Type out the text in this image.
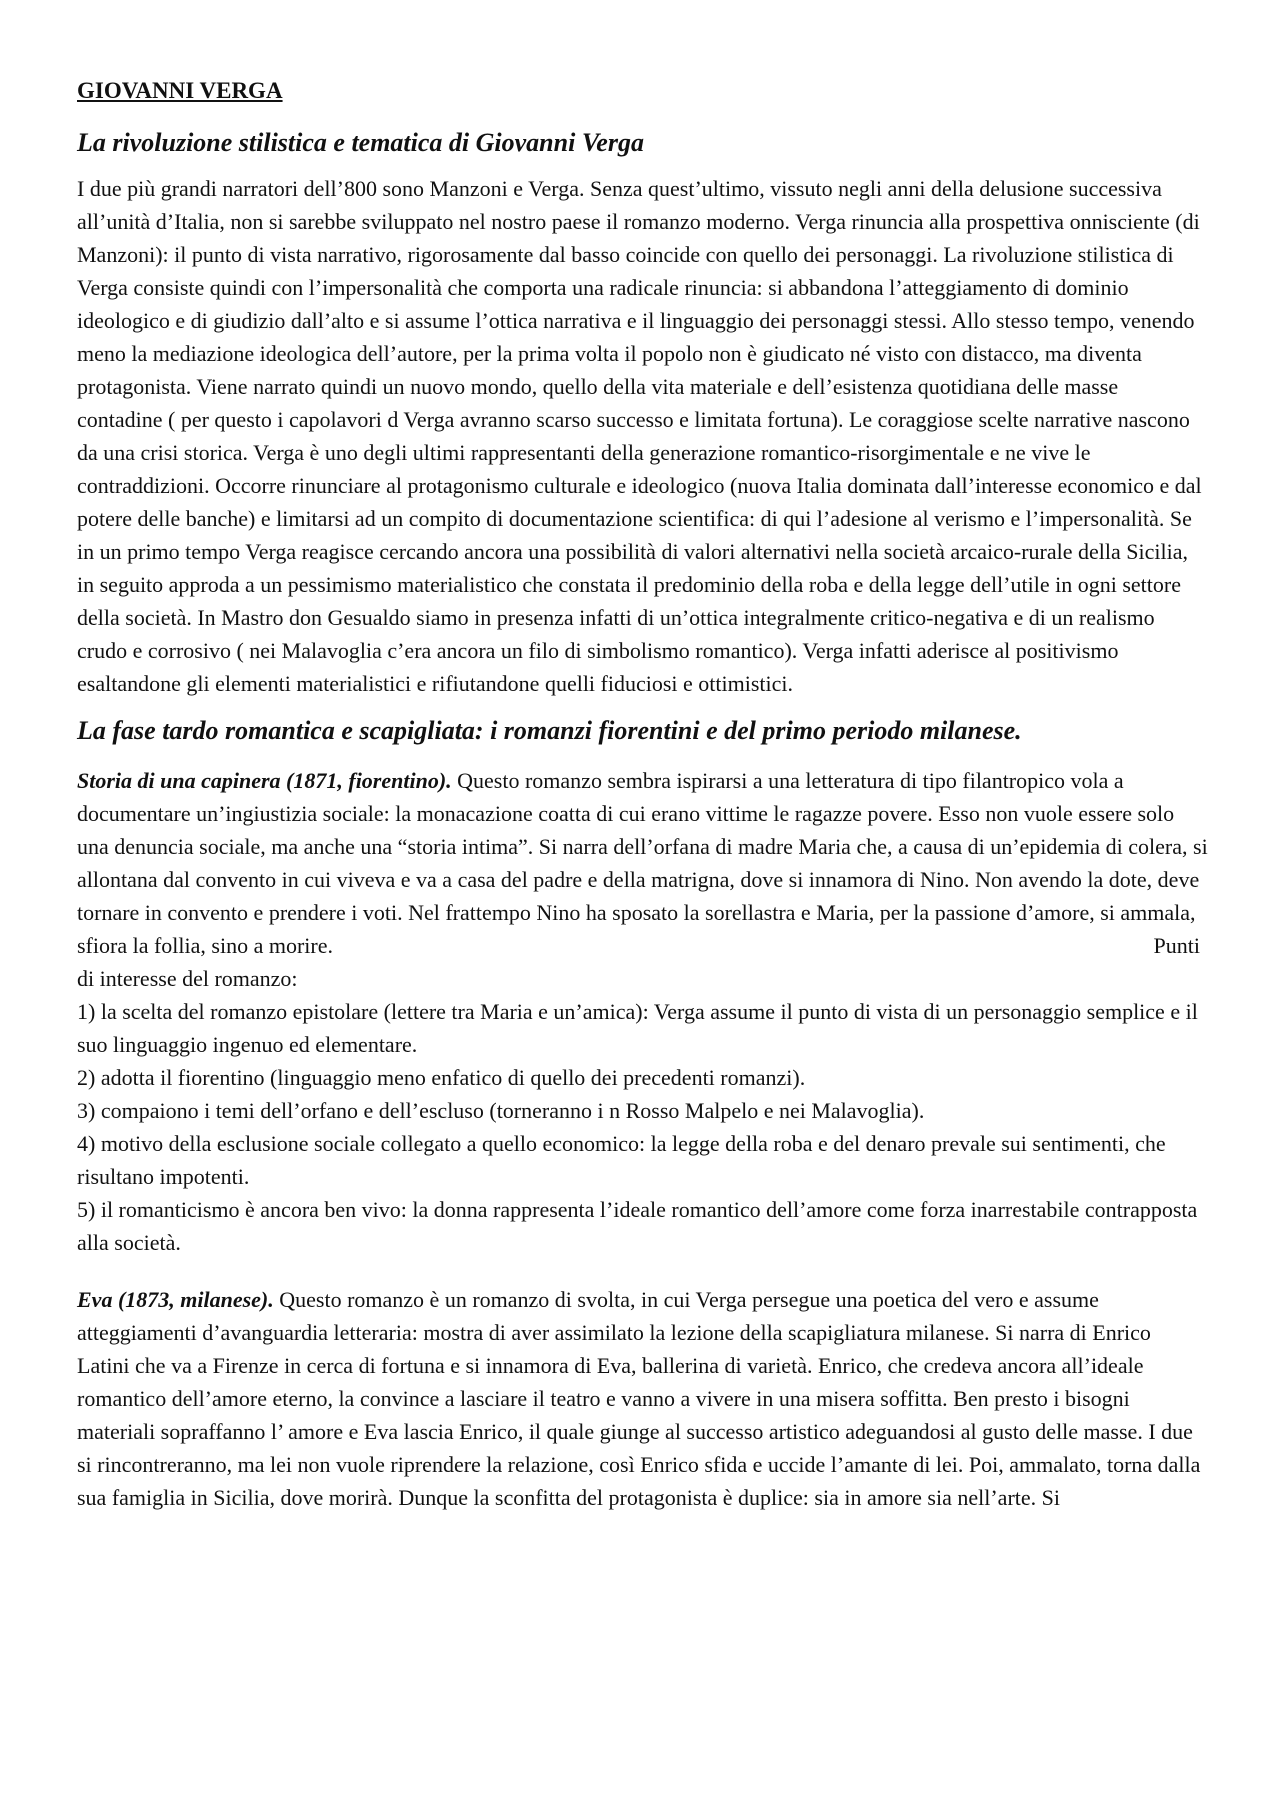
GIOVANNI VERGA
La rivoluzione stilistica e tematica di Giovanni Verga

I due più grandi narratori dell’800 sono Manzoni e Verga. Senza quest’ultimo, vissuto negli anni della delusione successiva all’unità d’Italia, non si sarebbe sviluppato nel nostro paese il romanzo moderno. Verga rinuncia alla prospettiva onnisciente (di Manzoni): il punto di vista narrativo, rigorosamente dal basso coincide con quello dei personaggi. La rivoluzione stilistica di Verga consiste quindi con l’impersonalità che comporta una radicale rinuncia: si abbandona l’atteggiamento di dominio ideologico e di giudizio dall’alto e si assume l’ottica narrativa e il linguaggio dei personaggi stessi. Allo stesso tempo, venendo meno la mediazione ideologica dell’autore, per la prima volta il popolo non è giudicato né visto con distacco, ma diventa protagonista. Viene narrato quindi un nuovo mondo, quello della vita materiale e dell’esistenza quotidiana delle masse contadine ( per questo i capolavori d Verga avranno scarso successo e limitata fortuna). Le coraggiose scelte narrative nascono da una crisi storica. Verga è uno degli ultimi rappresentanti della generazione romantico-risorgimentale e ne vive le contraddizioni. Occorre rinunciare al protagonismo culturale e ideologico (nuova Italia dominata dall’interesse economico e dal potere delle banche) e limitarsi ad un compito di documentazione scientifica: di qui l’adesione al verismo e l’impersonalità. Se in un primo tempo Verga reagisce cercando ancora una possibilità di valori alternativi nella società arcaico-rurale della Sicilia, in seguito approda a un pessimismo materialistico che constata il predominio della roba e della legge dell’utile in ogni settore della società. In Mastro don Gesualdo siamo in presenza infatti di un’ottica integralmente critico-negativa e di un realismo crudo e corrosivo ( nei Malavoglia c’era ancora un filo di simbolismo romantico). Verga infatti aderisce al positivismo esaltandone gli elementi materialistici e rifiutandone quelli fiduciosi e ottimistici.

La fase tardo romantica e scapigliata: i romanzi fiorentini e del primo periodo milanese.

Storia di una capinera (1871, fiorentino). Questo romanzo sembra ispirarsi a una letteratura di tipo filantropico vola a documentare un’ingiustizia sociale: la monacazione coatta di cui erano vittime le ragazze povere. Esso non vuole essere solo una denuncia sociale, ma anche una “storia intima”. Si narra dell’orfana di madre Maria che, a causa di un’epidemia di colera, si allontana dal convento in cui viveva e va a casa del padre e della matrigna, dove si innamora di Nino. Non avendo la dote, deve tornare in convento e prendere i voti. Nel frattempo Nino ha sposato la sorellastra e Maria, per la passione d’amore, si ammala, sfiora la follia, sino a morire.	Punti

di interesse del romanzo:
1) la scelta del romanzo epistolare (lettere tra Maria e un’amica): Verga assume il punto di vista di un personaggio semplice e il suo linguaggio ingenuo ed elementare.
2) adotta il fiorentino (linguaggio meno enfatico di quello dei precedenti romanzi).
3) compaiono i temi dell’orfano e dell’escluso (torneranno i n Rosso Malpelo e nei Malavoglia).
4) motivo della esclusione sociale collegato a quello economico: la legge della roba e del denaro prevale sui sentimenti, che risultano impotenti.
5) il romanticismo è ancora ben vivo: la donna rappresenta l’ideale romantico dell’amore come forza inarrestabile contrapposta alla società.

Eva (1873, milanese). Questo romanzo è un romanzo di svolta, in cui Verga persegue una poetica del vero e assume atteggiamenti d’avanguardia letteraria: mostra di aver assimilato la lezione della scapigliatura milanese. Si narra di Enrico Latini che va a Firenze in cerca di fortuna e si innamora di Eva, ballerina di varietà. Enrico, che credeva ancora all’ideale romantico dell’amore eterno, la convince a lasciare il teatro e vanno a vivere in una misera soffitta. Ben presto i bisogni materiali sopraffanno l’ amore e Eva lascia Enrico, il quale giunge al successo artistico adeguandosi al gusto delle masse. I due si rincontreranno, ma lei non vuole riprendere la relazione, così Enrico sfida e uccide l’amante di lei. Poi, ammalato, torna dalla sua famiglia in Sicilia, dove morirà. Dunque la sconfitta del protagonista è duplice: sia in amore sia nell’arte. Si
